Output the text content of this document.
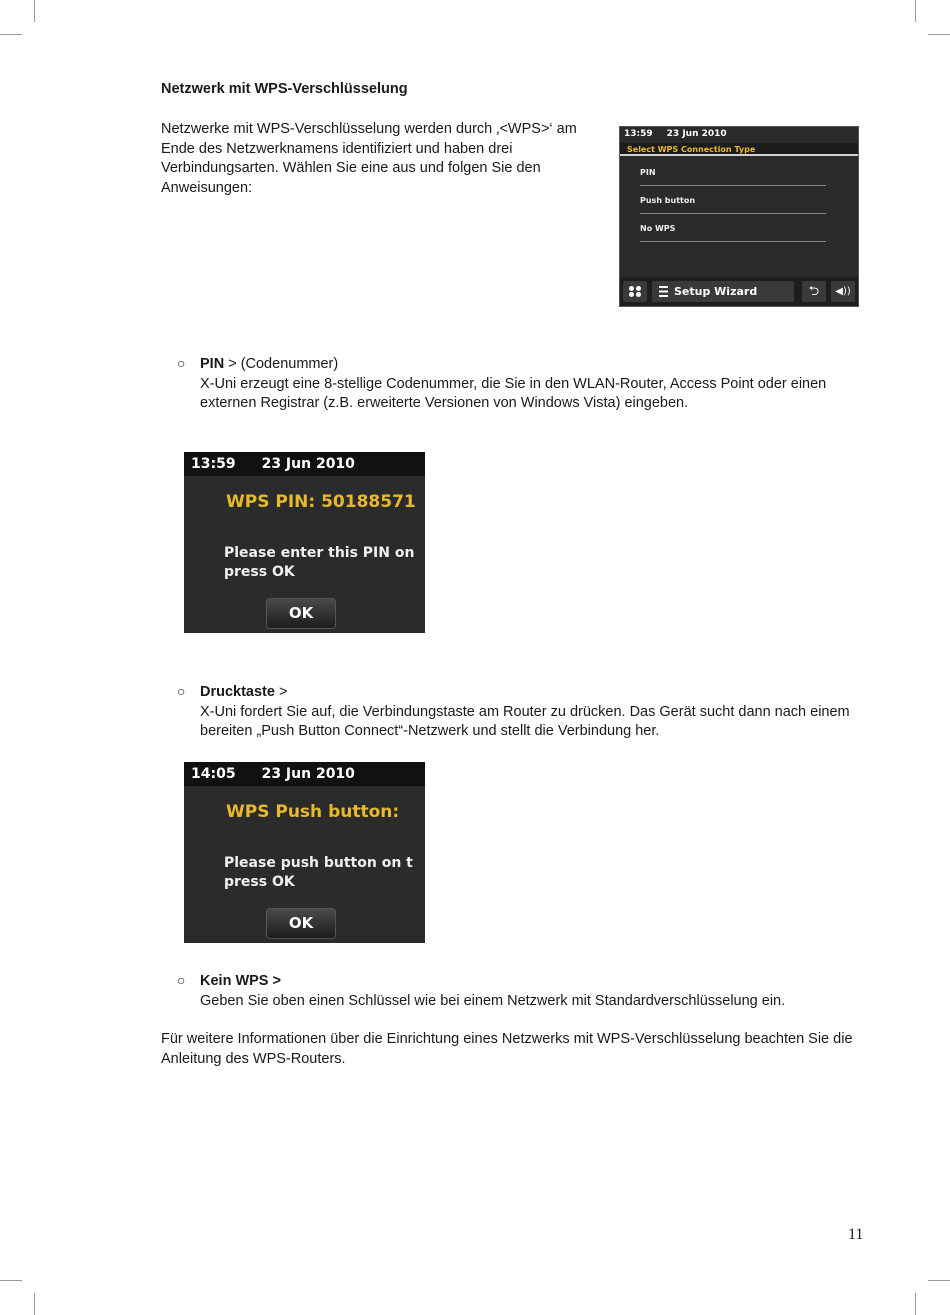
Netzwerk mit WPS-Verschlüsselung
Netzwerke mit WPS-Verschlüsselung werden durch ‚<WPS>‘ am Ende des Netzwerknamens identifiziert und haben drei Verbindungsarten. Wählen Sie eine aus und folgen Sie den Anweisungen:
13:59 23 Jun 2010
Select WPS Connection Type
PIN
Push button
No WPS
Setup Wizard	⮌	◀))
○ PIN > (Codenummer)
X-Uni erzeugt eine 8-stellige Codenummer, die Sie in den WLAN-Router, Access Point oder einen externen Registrar (z.B. erweiterte Versionen von Windows Vista) eingeben.
13:59 23 Jun 2010
WPS PIN: 50188571
Please enter this PIN on
press OK
OK
○ Drucktaste >
X-Uni fordert Sie auf, die Verbindungstaste am Router zu drücken. Das Gerät sucht dann nach einem bereiten „Push Button Connect“-Netzwerk und stellt die Verbindung her.
14:05 23 Jun 2010
WPS Push button:
Please push button on t
press OK
OK
○ Kein WPS >
Geben Sie oben einen Schlüssel wie bei einem Netzwerk mit Standardverschlüsselung ein.
Für weitere Informationen über die Einrichtung eines Netzwerks mit WPS-Verschlüsselung beachten Sie die Anleitung des WPS-Routers.
11
